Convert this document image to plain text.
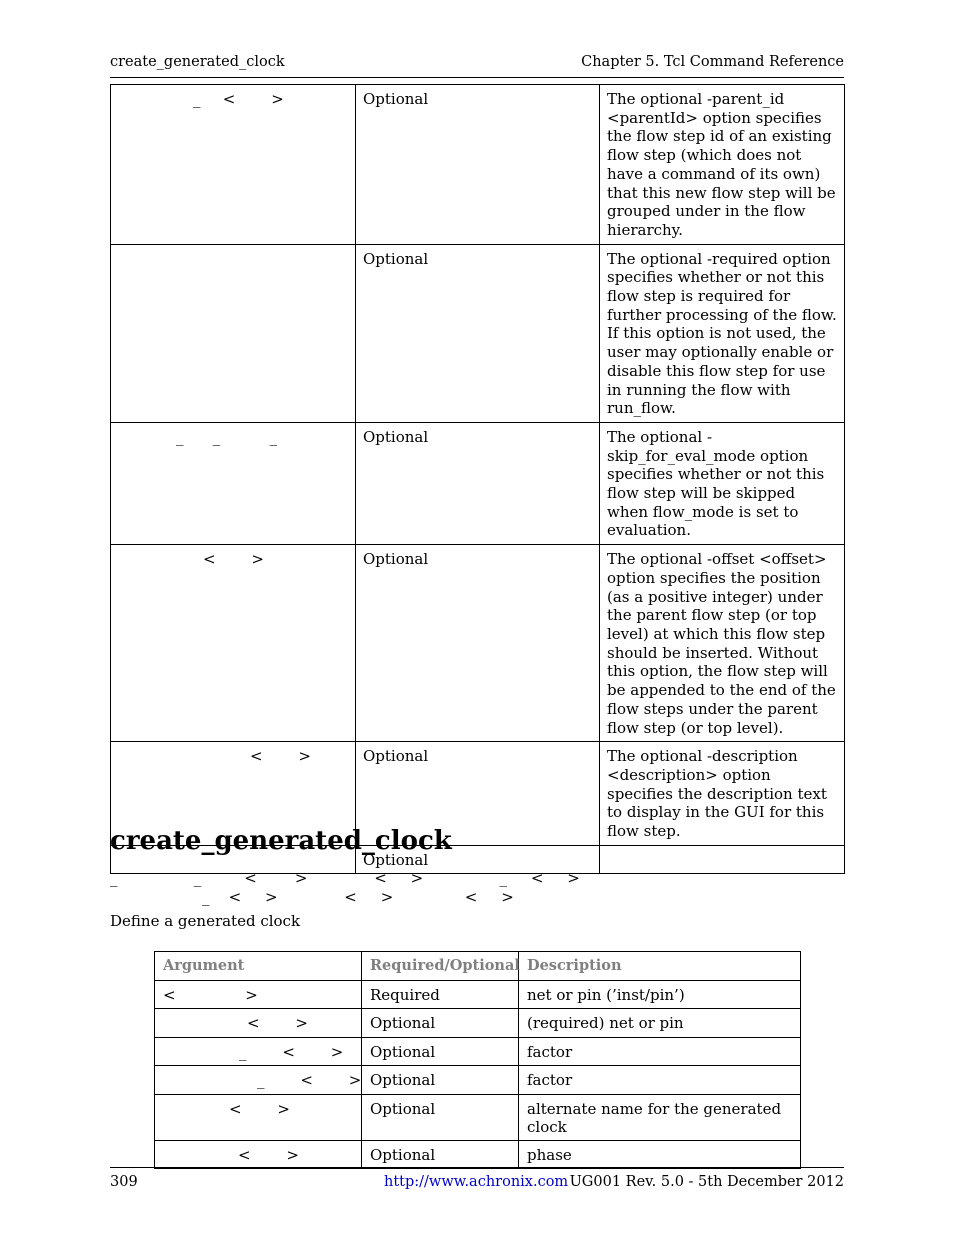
create_generated_clock	Chapter 5. Tcl Command Reference
_   <     >	Optional	The optional -parent_id <parentId> option specifies the flow step id of an existing flow step (which does not have a command of its own) that this new flow step will be grouped under in the flow hierarchy.
	Optional	The optional -required option specifies whether or not this flow step is required for further processing of the flow. If this option is not used, the user may optionally enable or disable this flow step for use in running the flow with run_flow.
_    _       _	Optional	The optional -skip_for_eval_mode option specifies whether or not this flow step will be skipped when flow_mode is set to evaluation.
<     >	Optional	The optional -offset <offset> option specifies the position (as a positive integer) under the parent flow step (or top level) at which this flow step should be inserted. Without this option, the flow step will be appended to the end of the flow steps under the parent flow step (or top level).
<     >	Optional	The optional -description <description> option specifies the description text to display in the GUI for this flow step.
	Optional	
create_generated_clock
_                _         <        >              <     >                _     <     >
_    <     >              <     >               <     >
Define a generated clock
Argument	Required/Optional	Description
<          >	Required	net or pin (’inst/pin’)
<     >	Optional	(required) net or pin
_     <     >	Optional	factor
_     <     >	Optional	factor
<     >	Optional	alternate name for the generated clock
<     >	Optional	phase
309	http://www.achronix.com UG001 Rev. 5.0 - 5th December 2012
